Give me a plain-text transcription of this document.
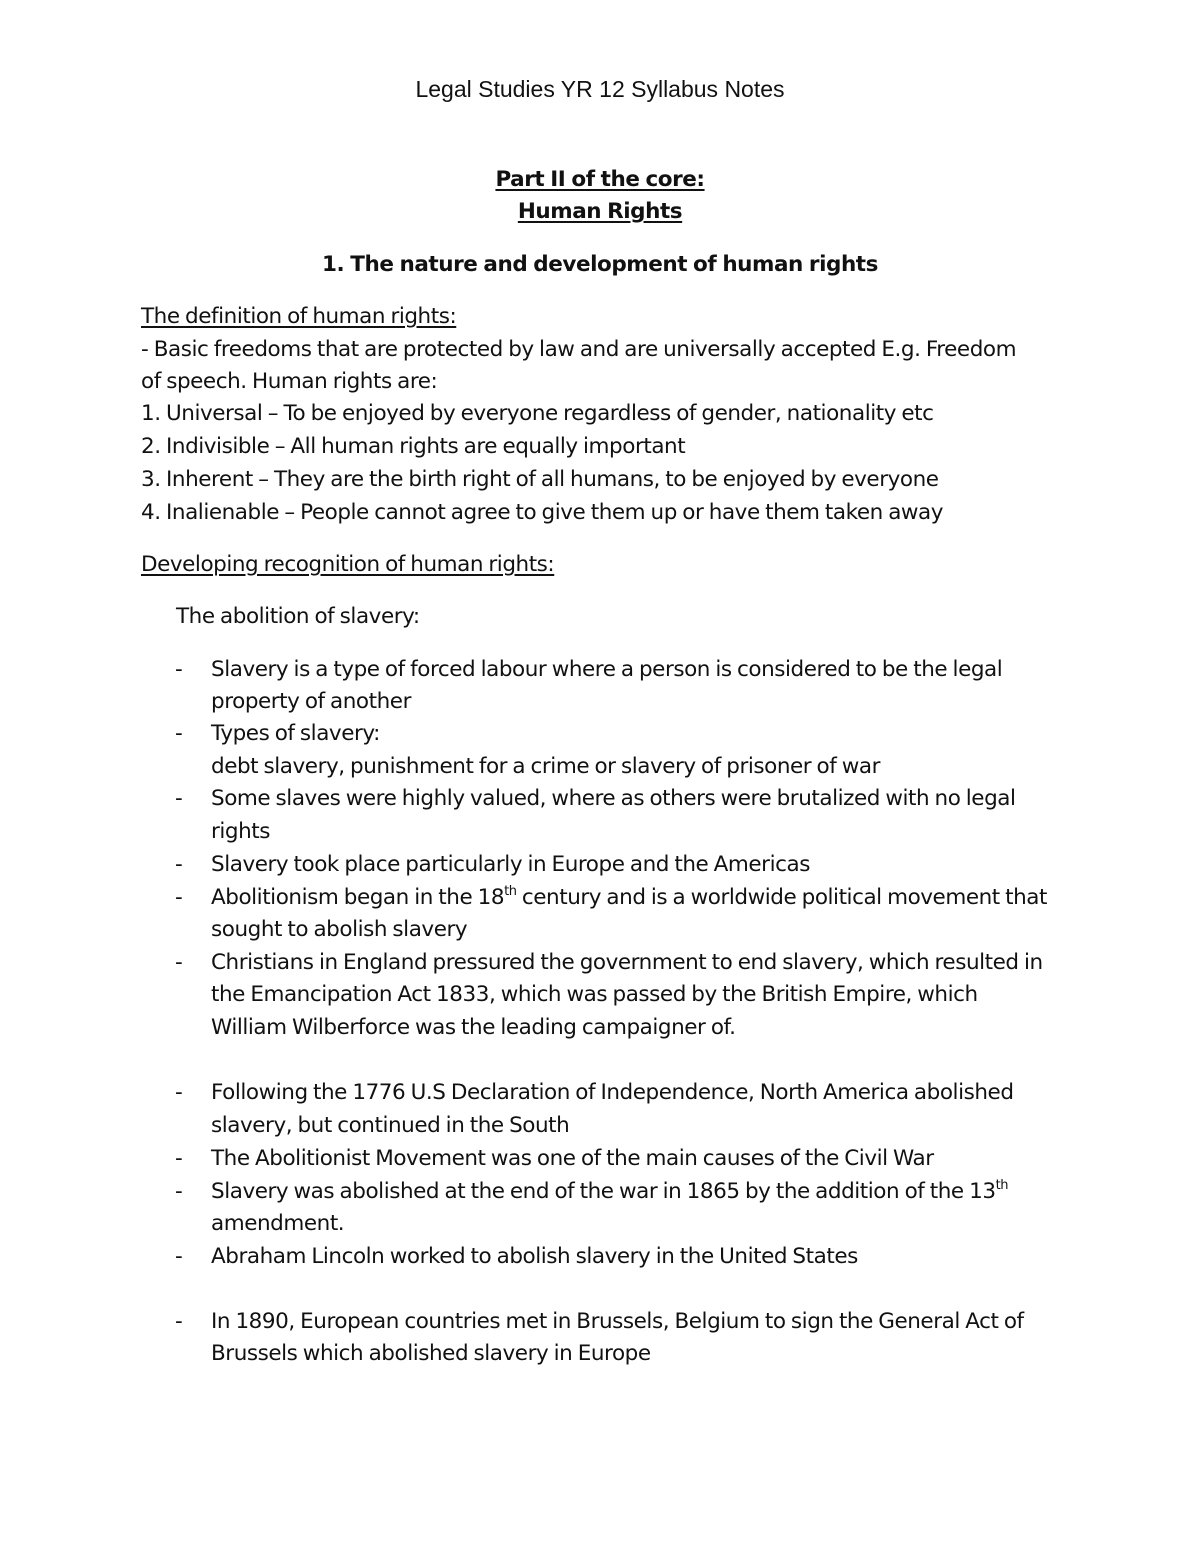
Legal Studies YR 12 Syllabus Notes
Part II of the core:
Human Rights
1. The nature and development of human rights
The definition of human rights:
- Basic freedoms that are protected by law and are universally accepted E.g. Freedom
of speech. Human rights are:
1. Universal – To be enjoyed by everyone regardless of gender, nationality etc
2. Indivisible – All human rights are equally important
3. Inherent – They are the birth right of all humans, to be enjoyed by everyone
4. Inalienable – People cannot agree to give them up or have them taken away
Developing recognition of human rights:
The abolition of slavery:
- Slavery is a type of forced labour where a person is considered to be the legal
property of another
- Types of slavery:
debt slavery, punishment for a crime or slavery of prisoner of war
- Some slaves were highly valued, where as others were brutalized with no legal
rights
- Slavery took place particularly in Europe and the Americas
- Abolitionism began in the 18th century and is a worldwide political movement that
sought to abolish slavery
- Christians in England pressured the government to end slavery, which resulted in
the Emancipation Act 1833, which was passed by the British Empire, which
William Wilberforce was the leading campaigner of.
- Following the 1776 U.S Declaration of Independence, North America abolished
slavery, but continued in the South
- The Abolitionist Movement was one of the main causes of the Civil War
- Slavery was abolished at the end of the war in 1865 by the addition of the 13th
amendment.
- Abraham Lincoln worked to abolish slavery in the United States
- In 1890, European countries met in Brussels, Belgium to sign the General Act of
Brussels which abolished slavery in Europe
